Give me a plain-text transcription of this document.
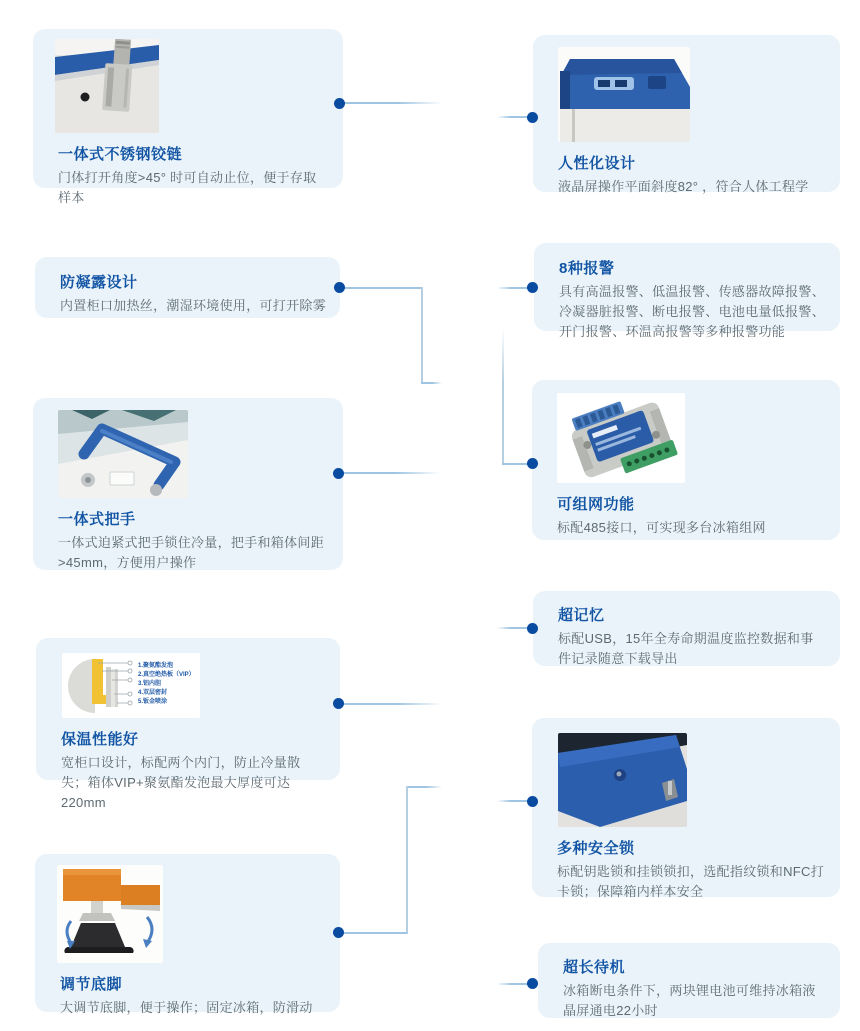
一体式不锈钢铰链
门体打开角度>45° 时可自动止位，便于存取样本
防凝露设计
内置柜口加热丝，潮湿环境使用，可打开除雾
一体式把手
一体式迫紧式把手锁住冷量，把手和箱体间距>45mm，方便用户操作
1.聚氨酯发泡
2.真空绝热板（VIP）
3.铝内胆
4.双层密封
5.钣金喷涂
保温性能好
宽柜口设计，标配两个内门，防止冷量散失；箱体VIP+聚氨酯发泡最大厚度可达220mm
调节底脚
大调节底脚，便于操作；固定冰箱，防滑动
人性化设计
液晶屏操作平面斜度82° ，符合人体工程学
8种报警
具有高温报警、低温报警、传感器故障报警、冷凝器脏报警、断电报警、电池电量低报警、开门报警、环温高报警等多种报警功能
可组网功能
标配485接口，可实现多台冰箱组网
超记忆
标配USB，15年全寿命期温度监控数据和事件记录随意下载导出
多种安全锁
标配钥匙锁和挂锁锁扣，选配指纹锁和NFC打卡锁；保障箱内样本安全
超长待机
冰箱断电条件下，两块锂电池可维持冰箱液晶屏通电22小时
